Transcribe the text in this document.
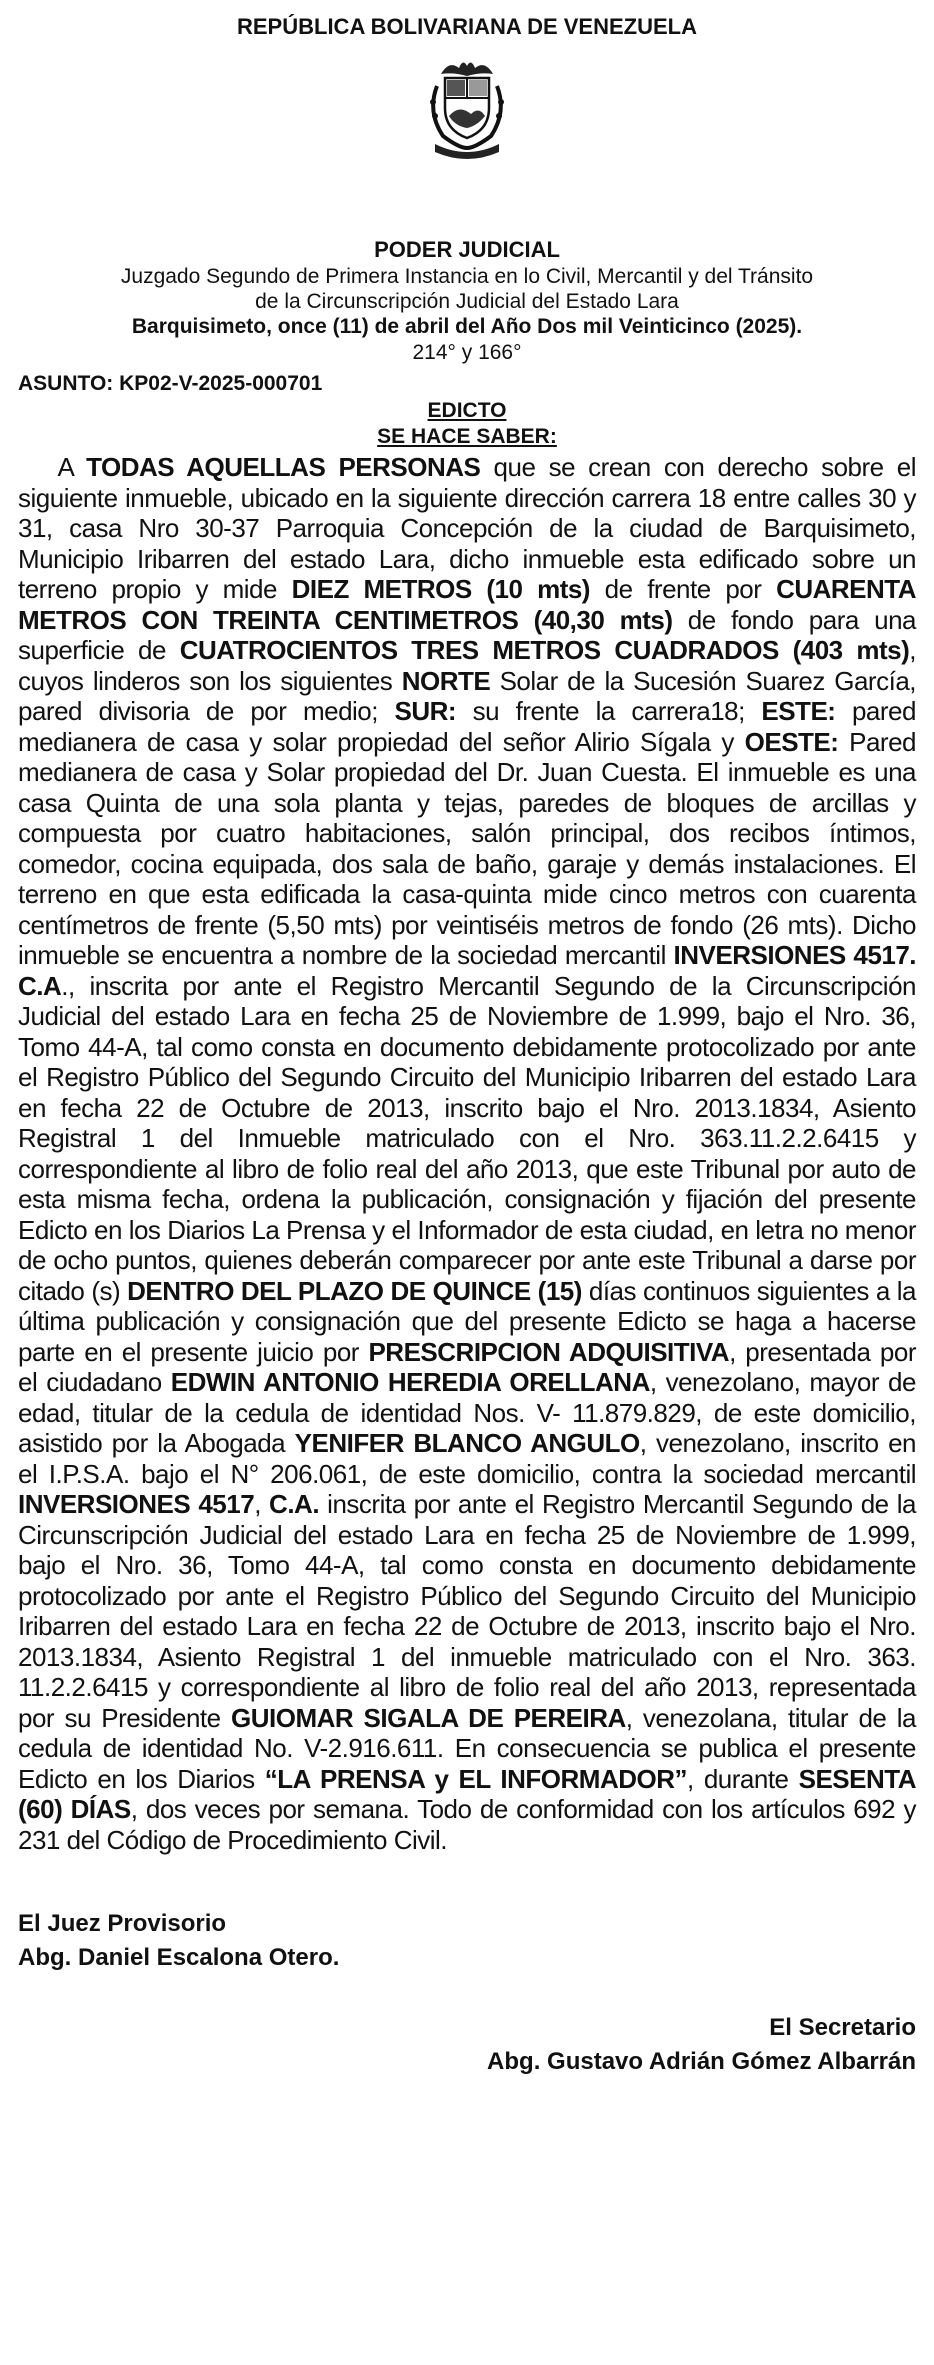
REPÚBLICA BOLIVARIANA DE VENEZUELA
PODER JUDICIAL
Juzgado Segundo de Primera Instancia en lo Civil, Mercantil y del Tránsito
de la Circunscripción Judicial del Estado Lara
Barquisimeto, once (11) de abril del Año Dos mil Veinticinco (2025).
214° y 166°
ASUNTO: KP02-V-2025-000701
EDICTO
SE HACE SABER:
A TODAS AQUELLAS PERSONAS que se crean con derecho sobre el siguiente inmueble, ubicado en la siguiente dirección carrera 18 entre calles 30 y 31, casa Nro 30-37 Parroquia Concepción de la ciudad de Barquisimeto, Municipio Iribarren del estado Lara, dicho inmueble esta edificado sobre un terreno propio y mide DIEZ METROS (10 mts) de frente por CUARENTA METROS CON TREINTA CENTIMETROS (40,30 mts) de fondo para una superficie de CUATROCIENTOS TRES METROS CUADRADOS (403 mts), cuyos linderos son los siguientes NORTE Solar de la Sucesión Suarez García, pared divisoria de por medio; SUR: su frente la carrera18; ESTE: pared medianera de casa y solar propiedad del señor Alirio Sígala y OESTE: Pared medianera de casa y Solar propiedad del Dr. Juan Cuesta. El inmueble es una casa Quinta de una sola planta y tejas, paredes de bloques de arcillas y compuesta por cuatro habitaciones, salón principal, dos recibos íntimos, comedor, cocina equipada, dos sala de baño, garaje y demás instalaciones. El terreno en que esta edificada la casa-quinta mide cinco metros con cuarenta centímetros de frente (5,50 mts) por veintiséis metros de fondo (26 mts). Dicho inmueble se encuentra a nombre de la sociedad mercantil INVERSIONES 4517. C.A., inscrita por ante el Registro Mercantil Segundo de la Circunscripción Judicial del estado Lara en fecha 25 de Noviembre de 1.999, bajo el Nro. 36, Tomo 44-A, tal como consta en documento debidamente protocolizado por ante el Registro Público del Segundo Circuito del Municipio Iribarren del estado Lara en fecha 22 de Octubre de 2013, inscrito bajo el Nro. 2013.1834, Asiento Registral 1 del Inmueble matriculado con el Nro. 363.11.2.2.6415 y correspondiente al libro de folio real del año 2013, que este Tribunal por auto de esta misma fecha, ordena la publicación, consignación y fijación del presente Edicto en los Diarios La Prensa y el Informador de esta ciudad, en letra no menor de ocho puntos, quienes deberán comparecer por ante este Tribunal a darse por citado (s) DENTRO DEL PLAZO DE QUINCE (15) días continuos siguientes a la última publicación y consignación que del presente Edicto se haga a hacerse parte en el presente juicio por PRESCRIPCION ADQUISITIVA, presentada por el ciudadano EDWIN ANTONIO HEREDIA ORELLANA, venezolano, mayor de edad, titular de la cedula de identidad Nos. V- 11.879.829, de este domicilio, asistido por la Abogada YENIFER BLANCO ANGULO, venezolano, inscrito en el I.P.S.A. bajo el N° 206.061, de este domicilio, contra la sociedad mercantil INVERSIONES 4517, C.A. inscrita por ante el Registro Mercantil Segundo de la Circunscripción Judicial del estado Lara en fecha 25 de Noviembre de 1.999, bajo el Nro. 36, Tomo 44-A, tal como consta en documento debidamente protocolizado por ante el Registro Público del Segundo Circuito del Municipio Iribarren del estado Lara en fecha 22 de Octubre de 2013, inscrito bajo el Nro. 2013.1834, Asiento Registral 1 del inmueble matriculado con el Nro. 363. 11.2.2.6415 y correspondiente al libro de folio real del año 2013, representada por su Presidente GUIOMAR SIGALA DE PEREIRA, venezolana, titular de la cedula de identidad No. V-2.916.611. En consecuencia se publica el presente Edicto en los Diarios “LA PRENSA y EL INFORMADOR”, durante SESENTA (60) DÍAS, dos veces por semana. Todo de conformidad con los artículos 692 y 231 del Código de Procedimiento Civil.
El Juez Provisorio
Abg. Daniel Escalona Otero.
El Secretario
Abg. Gustavo Adrián Gómez Albarrán
